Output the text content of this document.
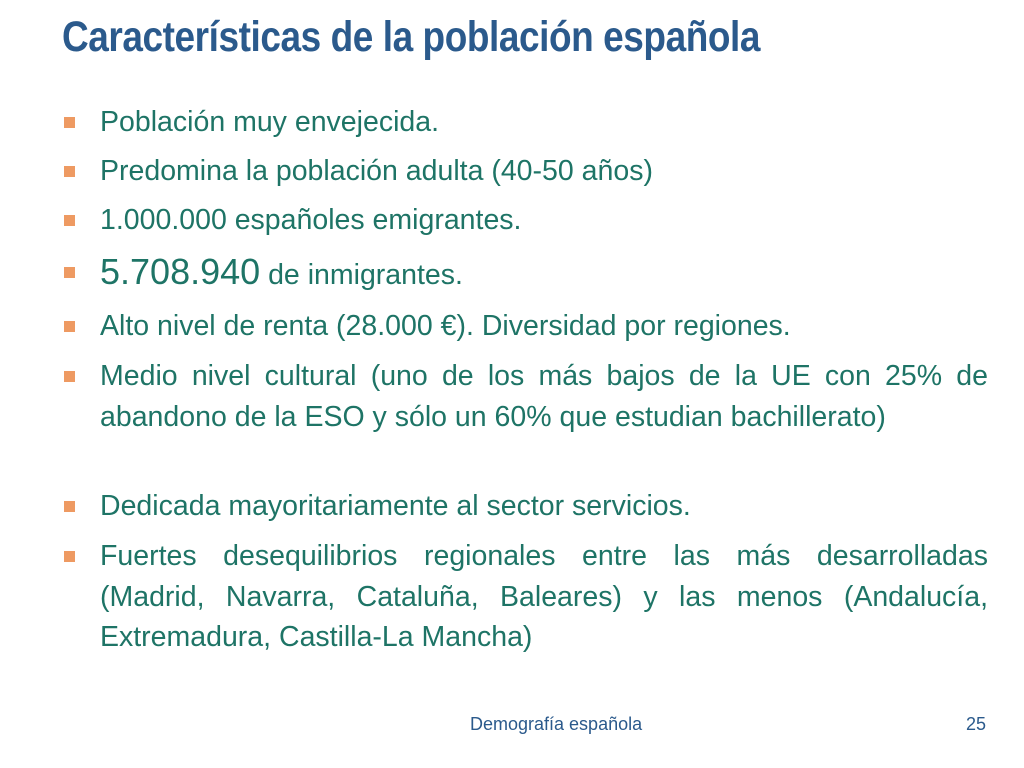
Características de la población española
Población muy envejecida.
Predomina la población adulta (40-50 años)
1.000.000 españoles emigrantes.
5.708.940 de inmigrantes.
Alto nivel de renta (28.000 €). Diversidad por regiones.
Medio nivel cultural (uno de los más bajos de la UE con 25% de abandono de la ESO y sólo un 60% que estudian bachillerato)
Dedicada mayoritariamente al sector servicios.
Fuertes desequilibrios regionales entre las más desarrolladas (Madrid, Navarra, Cataluña, Baleares) y las menos (Andalucía, Extremadura, Castilla-La Mancha)
Demografía española	25
